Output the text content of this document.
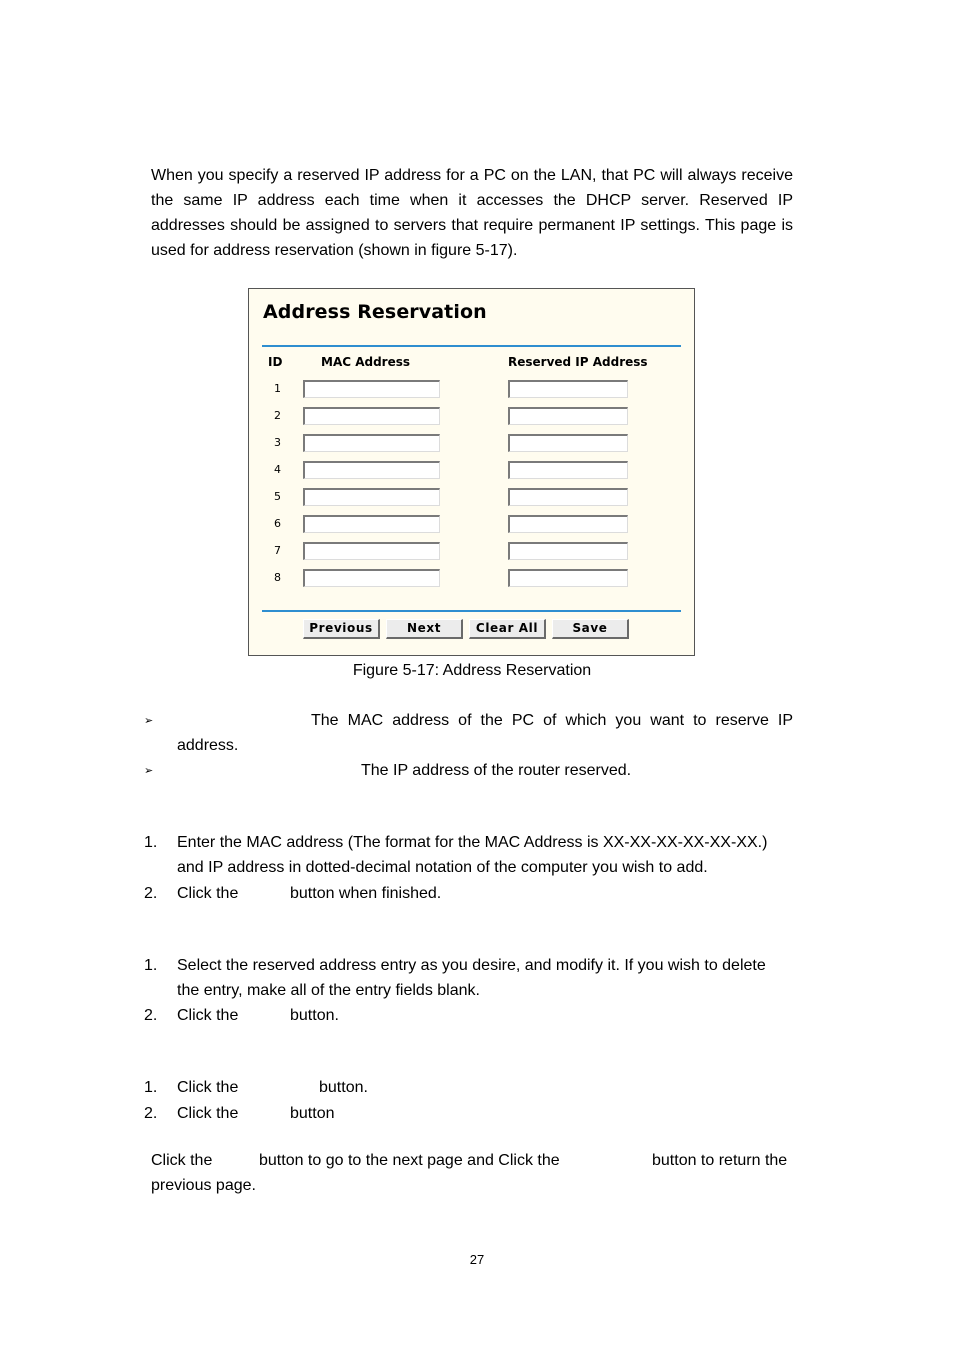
When you specify a reserved IP address for a PC on the LAN, that PC will always receive the same IP address each time when it accesses the DHCP server. Reserved IP addresses should be assigned to servers that require permanent IP settings. This page is used for address reservation (shown in figure 5-17).

Address Reservation
ID	MAC Address	Reserved IP Address
1
2
3
4
5
6
7
8
Previous	Next	Clear All	Save
Figure 5-17: Address Reservation
➢	The MAC address of the PC of which you want to reserve IP

address.

➢	The IP address of the router reserved.

1. Enter the MAC address (The format for the MAC Address is XX-XX-XX-XX-XX-XX.)

and IP address in dotted-decimal notation of the computer you wish to add.

2. Click the	button when finished.

1. Select the reserved address entry as you desire, and modify it. If you wish to delete

the entry, make all of the entry fields blank.

2. Click the	button.

1. Click the	button.

2. Click the	button

Click the	button to go to the next page and Click the	button to return the

previous page.

27
